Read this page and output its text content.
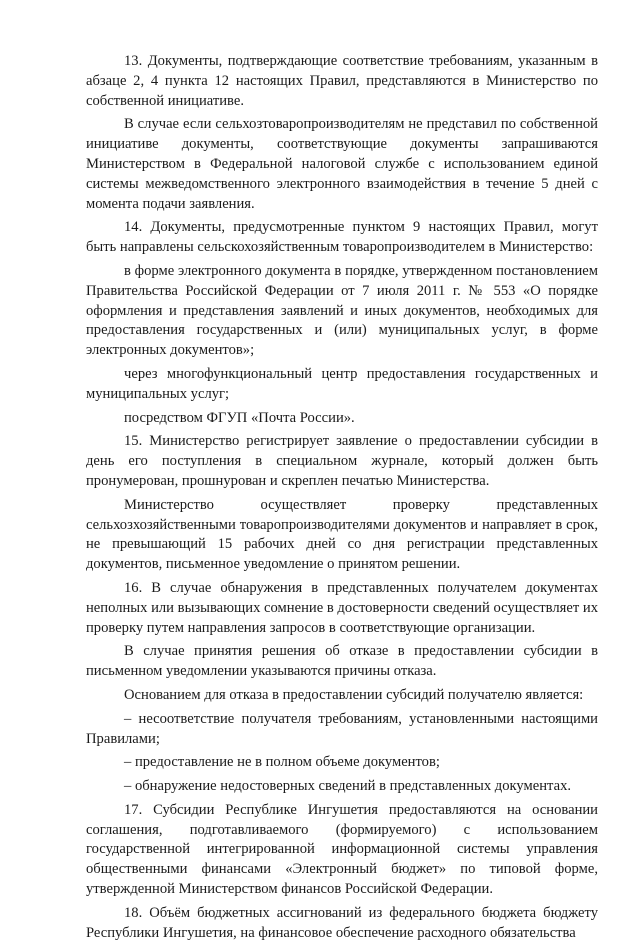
13. Документы, подтверждающие соответствие требованиям, указанным в абзаце 2, 4 пункта 12 настоящих Правил, представляются в Министерство по собственной инициативе.

В случае если сельхозтоваропроизводителям не представил по собственной инициативе документы, соответствующие документы запрашиваются Министерством в Федеральной налоговой службе с использованием единой системы межведомственного электронного взаимодействия в течение 5 дней с момента подачи заявления.

14. Документы, предусмотренные пунктом 9 настоящих Правил, могут быть направлены сельскохозяйственным товаропроизводителем в Министерство:

в форме электронного документа в порядке, утвержденном постановлением Правительства Российской Федерации от 7 июля 2011 г. № 553 «О порядке оформления и представления заявлений и иных документов, необходимых для предоставления государственных и (или) муниципальных услуг, в форме электронных документов»;

через многофункциональный центр предоставления государственных и муниципальных услуг;

посредством ФГУП «Почта России».

15. Министерство регистрирует заявление о предоставлении субсидии в день его поступления в специальном журнале, который должен быть пронумерован, прошнурован и скреплен печатью Министерства.

Министерство осуществляет проверку представленных сельхозхозяйственными товаропроизводителями документов и направляет в срок, не превышающий 15 рабочих дней со дня регистрации представленных документов, письменное уведомление о принятом решении.

16. В случае обнаружения в представленных получателем документах неполных или вызывающих сомнение в достоверности сведений осуществляет их проверку путем направления запросов в соответствующие организации.

В случае принятия решения об отказе в предоставлении субсидии в письменном уведомлении указываются причины отказа.

Основанием для отказа в предоставлении субсидий получателю является:

– несоответствие получателя требованиям, установленными настоящими Правилами;

– предоставление не в полном объеме документов;

– обнаружение недостоверных сведений в представленных документах.

17. Субсидии Республике Ингушетия предоставляются на основании соглашения, подготавливаемого (формируемого) с использованием государственной интегрированной информационной системы управления общественными финансами «Электронный бюджет» по типовой форме, утвержденной Министерством финансов Российской Федерации.

18. Объём бюджетных ассигнований из федерального бюджета бюджету Республики Ингушетия, на финансовое обеспечение расходного обязательства
